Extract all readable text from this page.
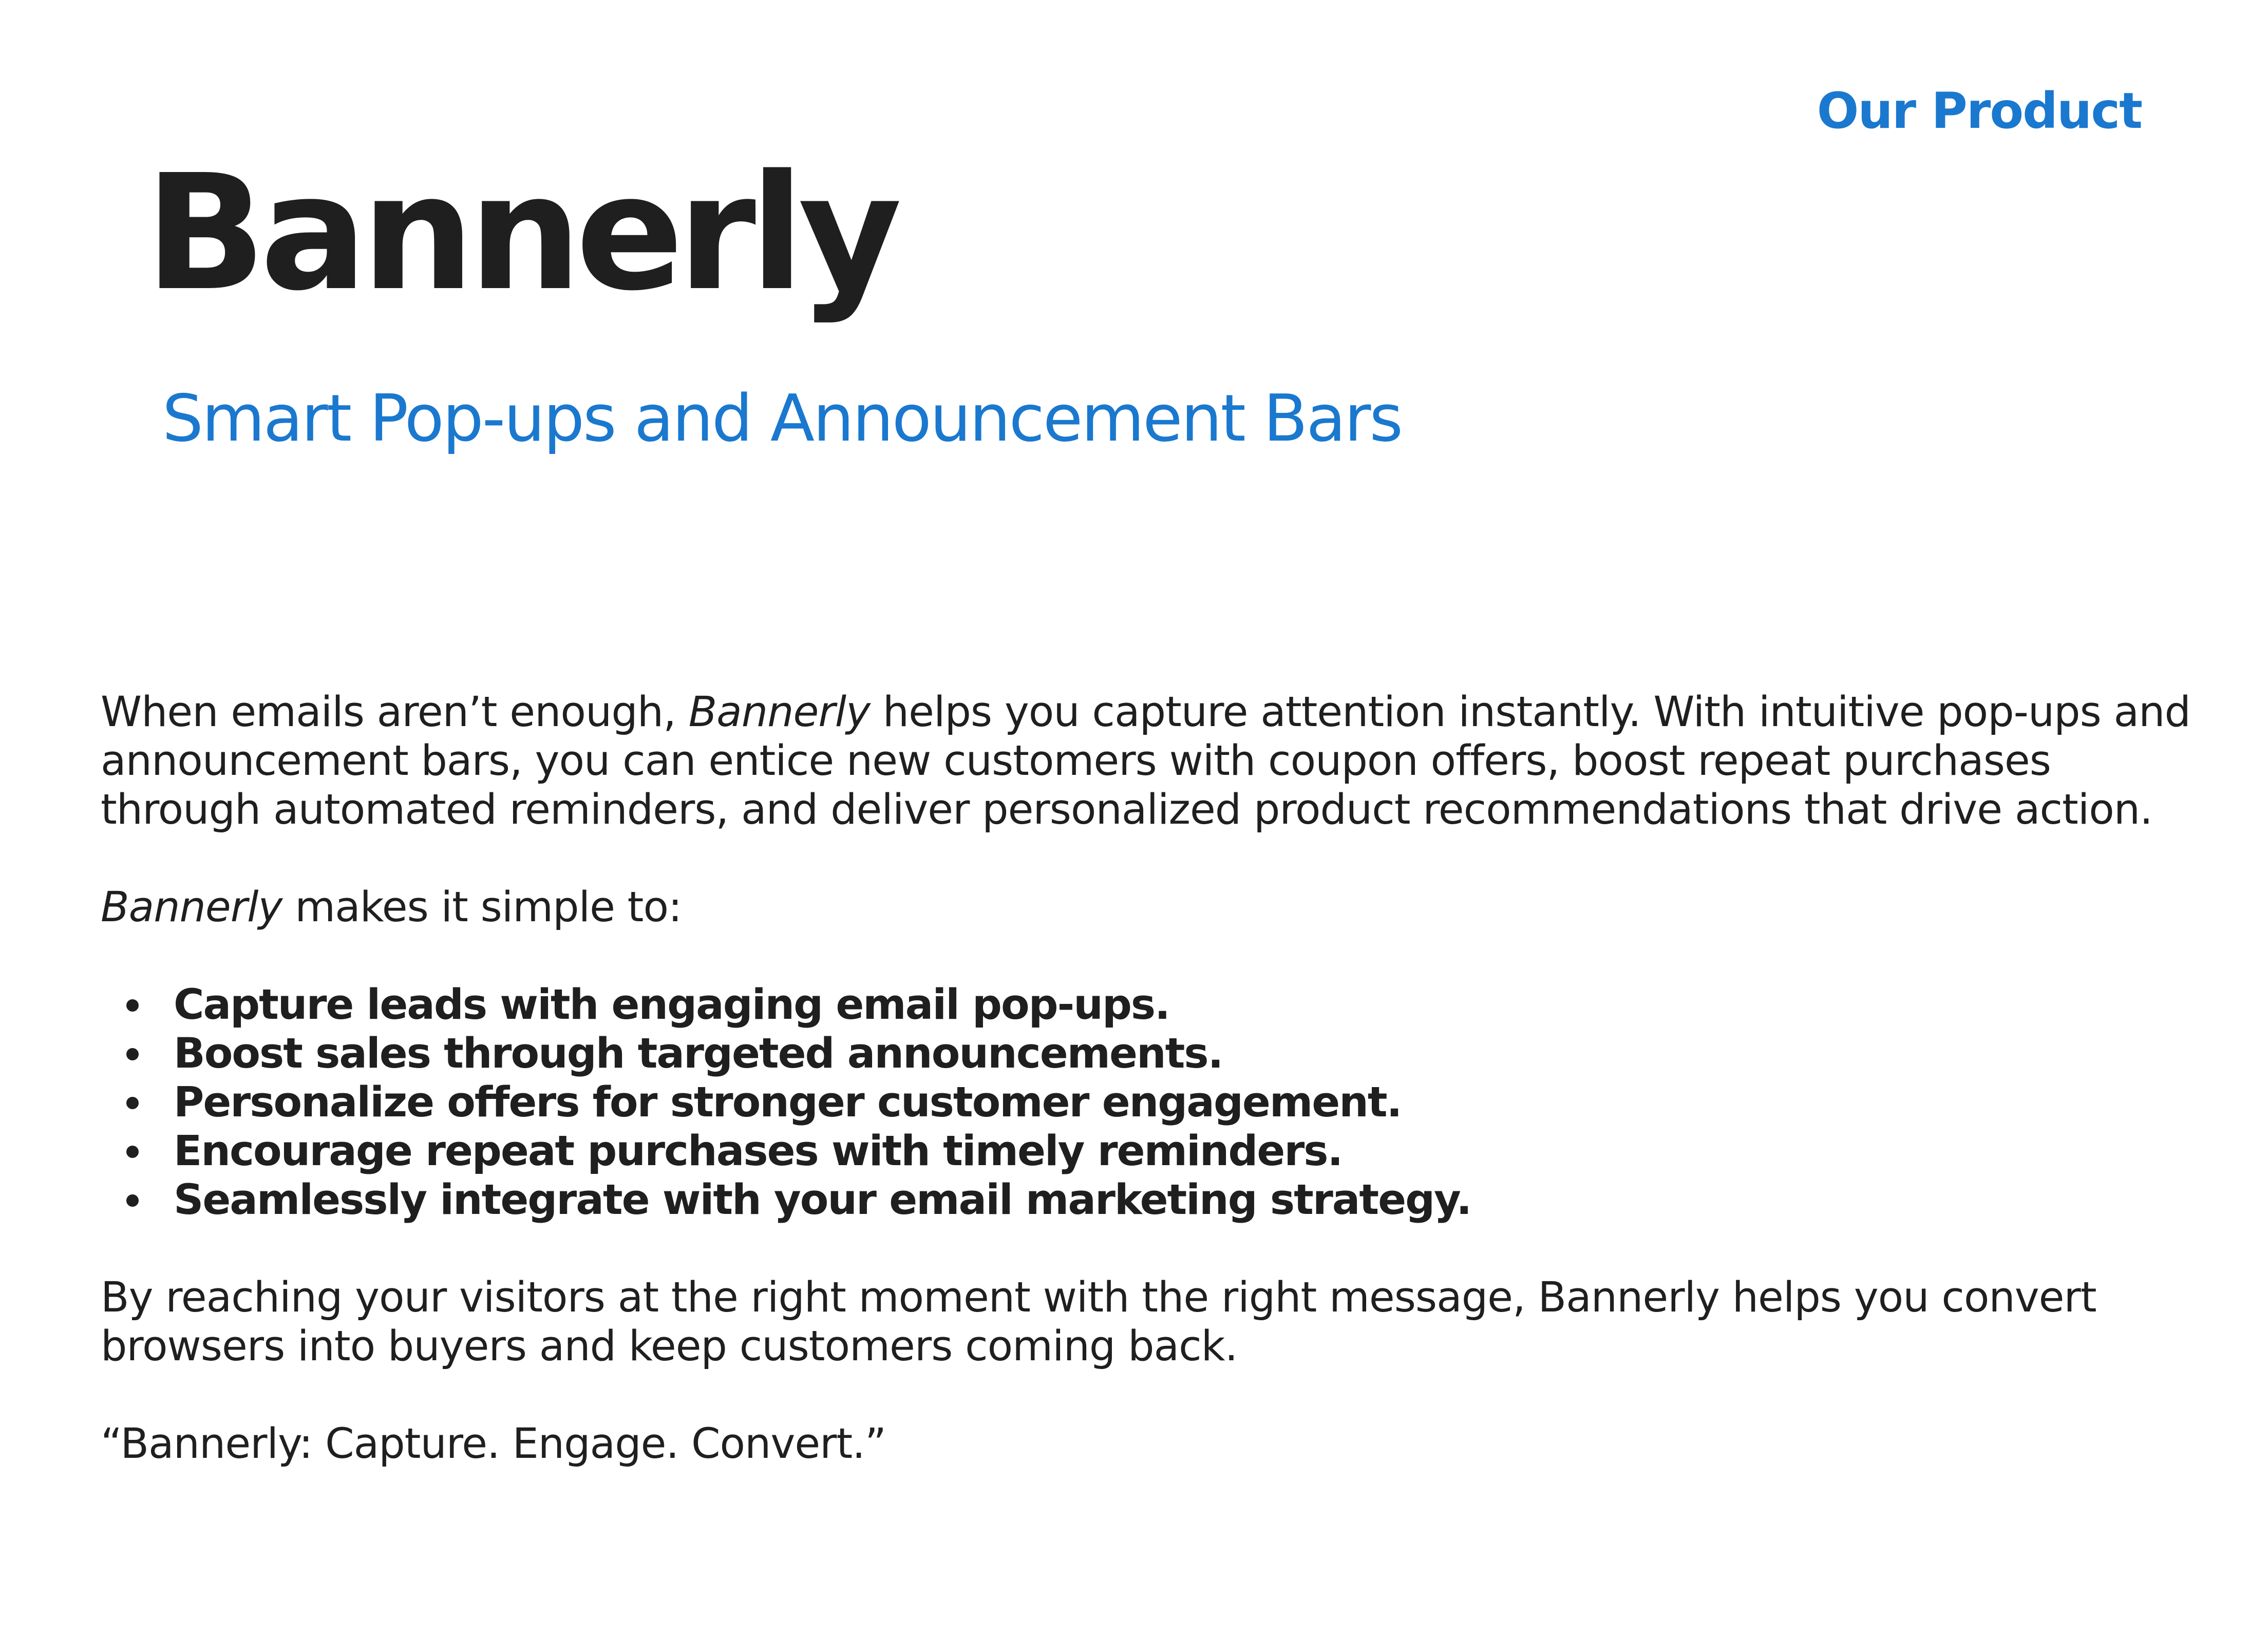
Our Product
Bannerly
Smart Pop-ups and Announcement Bars

When emails aren’t enough, Bannerly helps you capture attention instantly. With intuitive pop-ups and announcement bars, you can entice new customers with coupon offers, boost repeat purchases through automated reminders, and deliver personalized product recommendations that drive action.

Bannerly makes it simple to:

Capture leads with engaging email pop-ups.
Boost sales through targeted announcements.
Personalize offers for stronger customer engagement.
Encourage repeat purchases with timely reminders.
Seamlessly integrate with your email marketing strategy.

By reaching your visitors at the right moment with the right message, Bannerly helps you convert browsers into buyers and keep customers coming back.

“Bannerly: Capture. Engage. Convert.”
